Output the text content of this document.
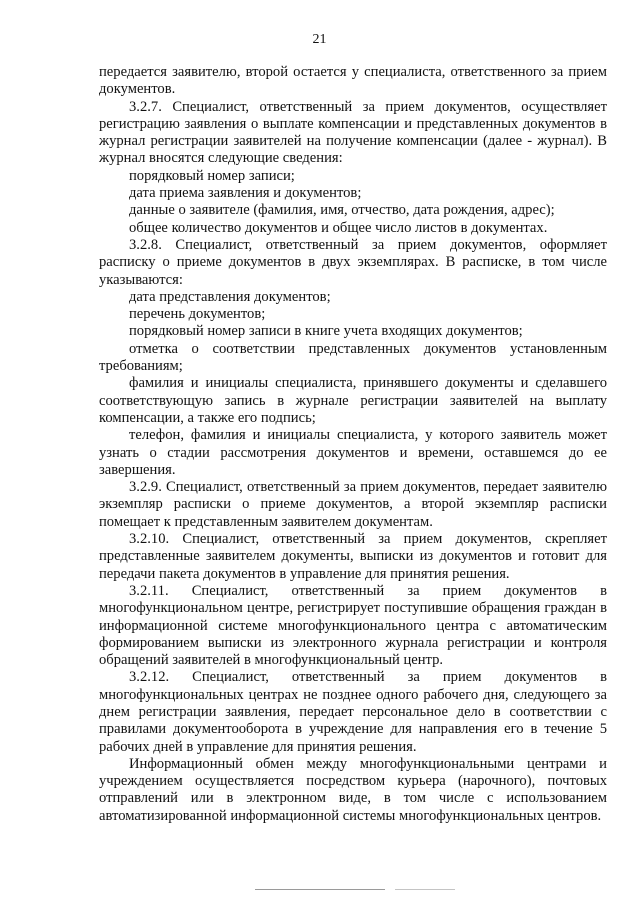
21

передается заявителю, второй остается у специалиста, ответственного за прием документов.

3.2.7. Специалист, ответственный за прием документов, осуществляет регистрацию заявления о выплате компенсации и представленных документов в журнал регистрации заявителей на получение компенсации (далее - журнал). В журнал вносятся следующие сведения:

порядковый номер записи;

дата приема заявления и документов;

данные о заявителе (фамилия, имя, отчество, дата рождения, адрес);

общее количество документов и общее число листов в документах.

3.2.8. Специалист, ответственный за прием документов, оформляет расписку о приеме документов в двух экземплярах. В расписке, в том числе указываются:

дата представления документов;

перечень документов;

порядковый номер записи в книге учета входящих документов;

отметка о соответствии представленных документов установленным требованиям;

фамилия и инициалы специалиста, принявшего документы и сделавшего соответствующую запись в журнале регистрации заявителей на выплату компенсации, а также его подпись;

телефон, фамилия и инициалы специалиста, у которого заявитель может узнать о стадии рассмотрения документов и времени, оставшемся до ее завершения.

3.2.9. Специалист, ответственный за прием документов, передает заявителю экземпляр расписки о приеме документов, а второй экземпляр расписки помещает к представленным заявителем документам.

3.2.10. Специалист, ответственный за прием документов, скрепляет представленные заявителем документы, выписки из документов и готовит для передачи пакета документов в управление для принятия решения.

3.2.11. Специалист, ответственный за прием документов в многофункциональном центре, регистрирует поступившие обращения граждан в информационной системе многофункционального центра с автоматическим формированием выписки из электронного журнала регистрации и контроля обращений заявителей в многофункциональный центр.

3.2.12. Специалист, ответственный за прием документов в многофункциональных центрах не позднее одного рабочего дня, следующего за днем регистрации заявления, передает персональное дело в соответствии с правилами документооборота в учреждение для направления его в течение 5 рабочих дней в управление для принятия решения.

Информационный обмен между многофункциональными центрами и учреждением осуществляется посредством курьера (нарочного), почтовых отправлений или в электронном виде, в том числе с использованием автоматизированной информационной системы многофункциональных центров.
